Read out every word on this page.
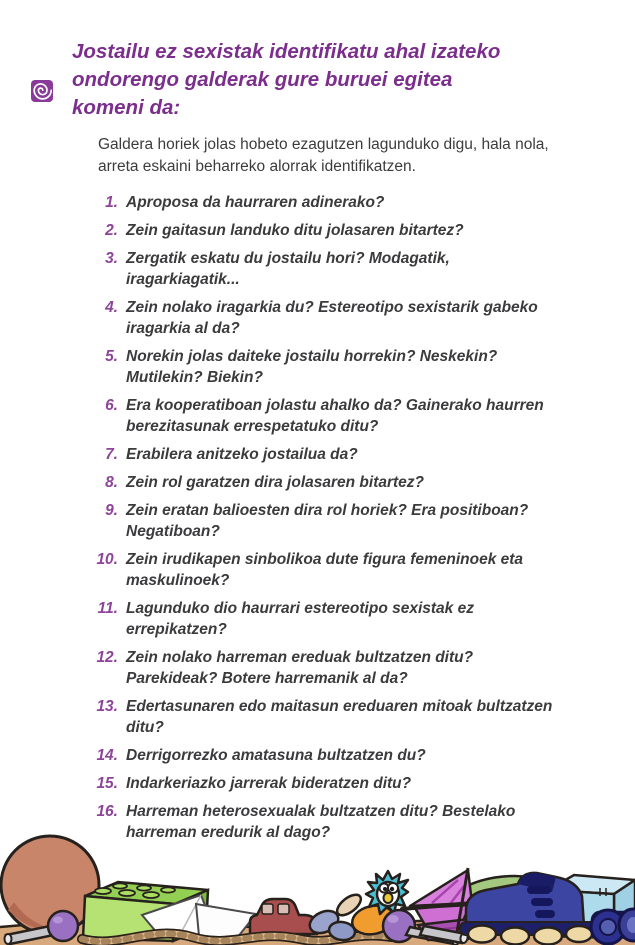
Jostailu ez sexistak identifikatu ahal izateko
ondorengo galderak gure buruei egitea
komeni da:

Galdera horiek jolas hobeto ezagutzen lagunduko digu, hala nola, arreta eskaini beharreko alorrak identifikatzen.

1. Aproposa da haurraren adinerako?
2. Zein gaitasun landuko ditu jolasaren bitartez?
3. Zergatik eskatu du jostailu hori? Modagatik, iragarkiagatik...
4. Zein nolako iragarkia du? Estereotipo sexistarik gabeko iragarkia al da?
5. Norekin jolas daiteke jostailu horrekin? Neskekin? Mutilekin? Biekin?
6. Era kooperatiboan jolastu ahalko da? Gainerako haurren berezitasunak errespetatuko ditu?
7. Erabilera anitzeko jostailua da?
8. Zein rol garatzen dira jolasaren bitartez?
9. Zein eratan balioesten dira rol horiek? Era positiboan? Negatiboan?
10. Zein irudikapen sinbolikoa dute figura femeninoek eta maskulinoek?
11. Lagunduko dio haurrari estereotipo sexistak ez errepikatzen?
12. Zein nolako harreman ereduak bultzatzen ditu? Parekideak? Botere harremanik al da?
13. Edertasunaren edo maitasun ereduaren mitoak bultzatzen ditu?
14. Derrigorrezko amatasuna bultzatzen du?
15. Indarkeriazko jarrerak bideratzen ditu?
16. Harreman heterosexualak bultzatzen ditu? Bestelako harreman eredurik al dago?
